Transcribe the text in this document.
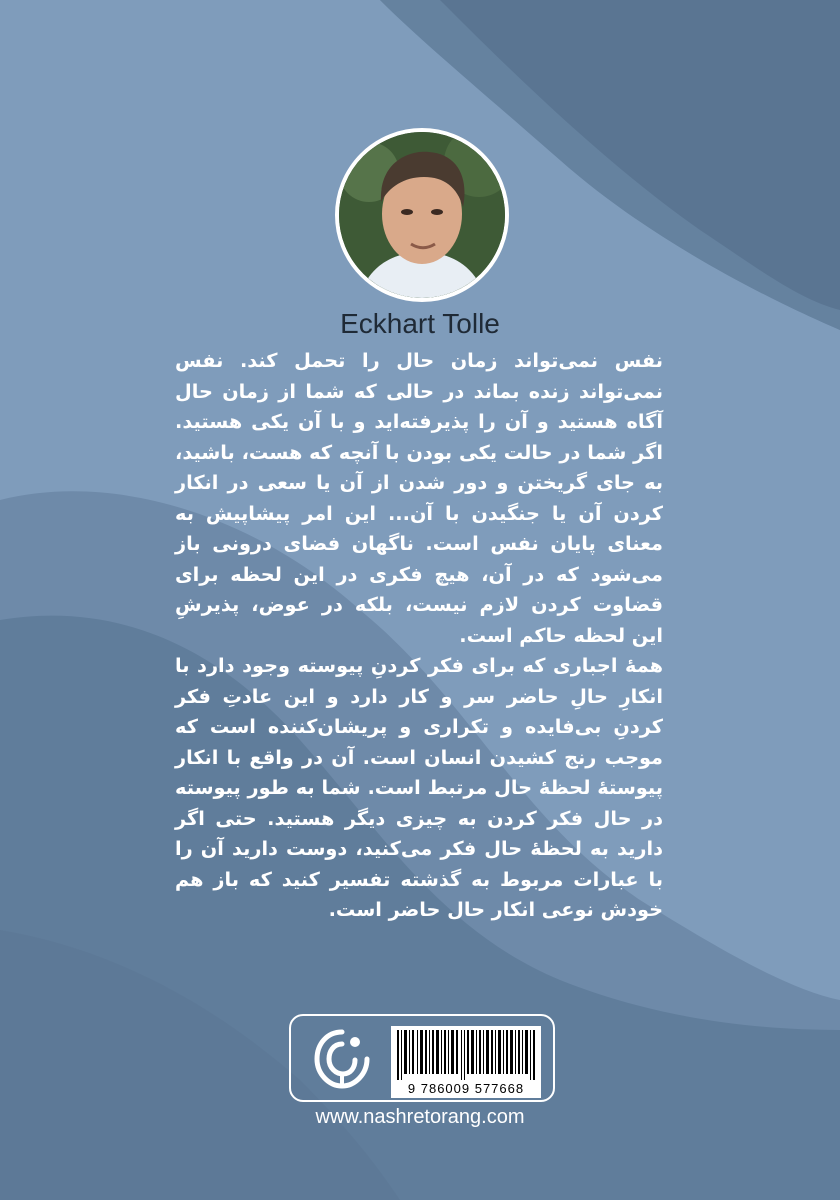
Eckhart Tolle

نفس نمی‌تواند زمان حال را تحمل کند. نفس نمی‌تواند زنده بماند در حالی که شما از زمان حال آگاه هستید و آن را پذیرفته‌اید و با آن یکی هستید. اگر شما در حالت یکی بودن با آنچه که هست، باشید، به جای گریختن و دور شدن از آن یا سعی در انکار کردن آن یا جنگیدن با آن... این امر پیشاپیش به معنای پایان نفس است. ناگهان فضای درونی باز می‌شود که در آن، هیچ فکری در این لحظه برای قضاوت کردن لازم نیست، بلکه در عوض، پذیرشِ این لحظه حاکم است.

همهٔ اجباری که برای فکر کردنِ پیوسته وجود دارد با انکارِ حالِ حاضر سر و کار دارد و این عادتِ فکر کردنِ بی‌فایده و تکراری و پریشان‌کننده است که موجب رنج کشیدن انسان است. آن در واقع با انکار پیوستهٔ لحظهٔ حال مرتبط است. شما به طور پیوسته در حال فکر کردن به چیزی دیگر هستید. حتی اگر دارید به لحظهٔ حال فکر می‌کنید، دوست دارید آن را با عبارات مربوط به گذشته تفسیر کنید که باز هم خودش نوعی انکار حال حاضر است.

9 786009 577668
www.nashretorang.com
